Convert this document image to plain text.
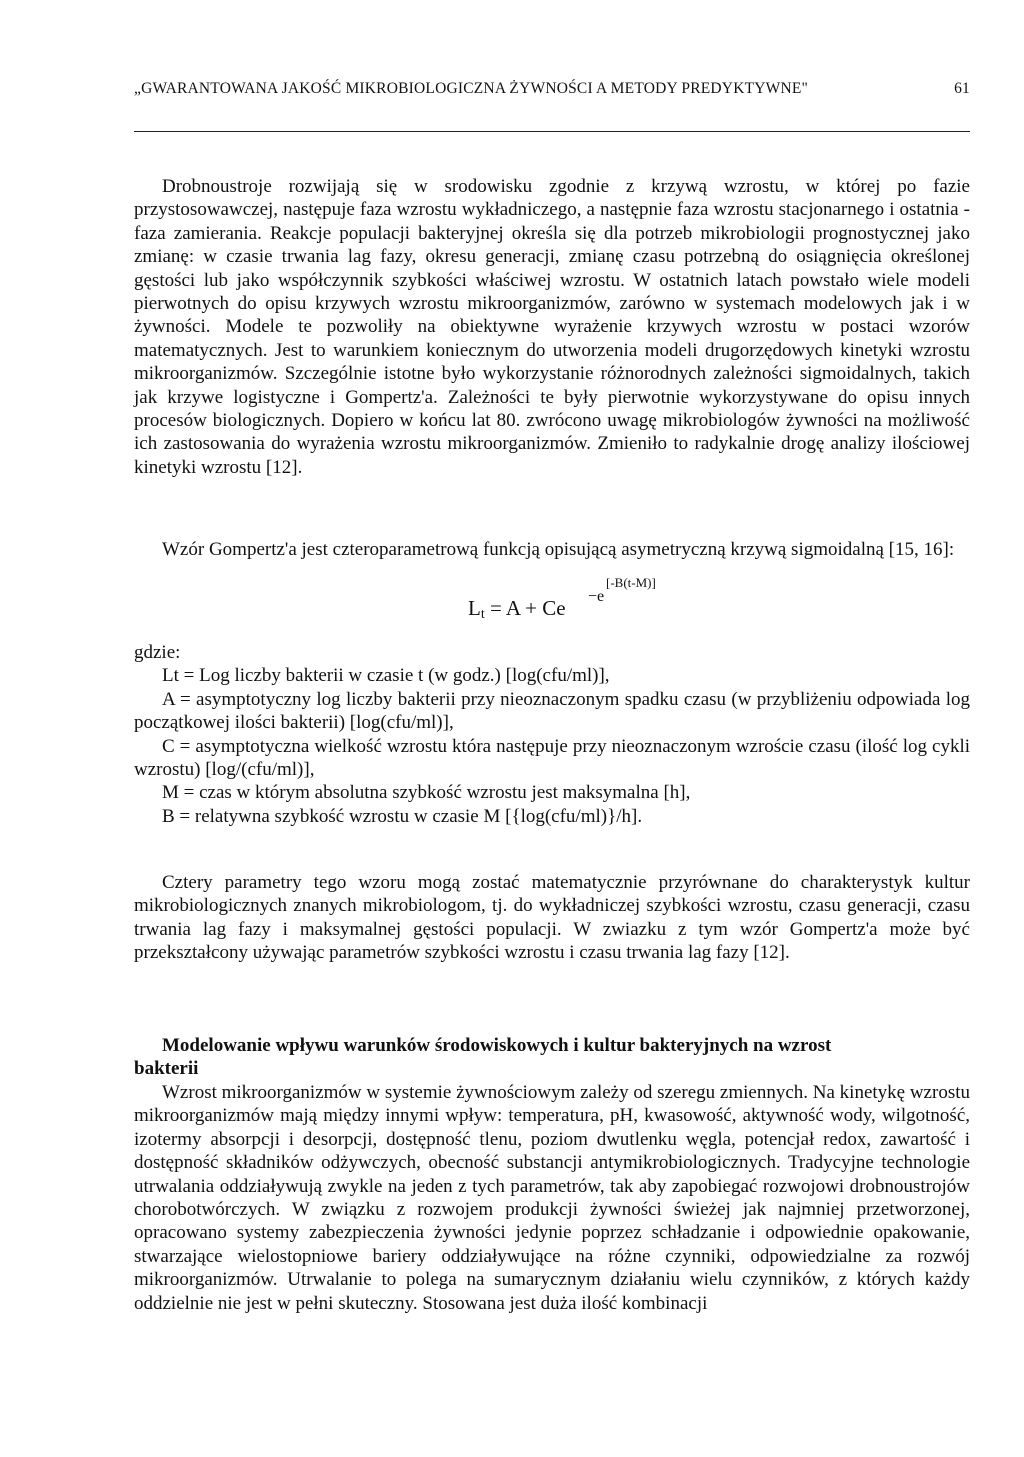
„GWARANTOWANA JAKOŚĆ MIKROBIOLOGICZNA ŻYWNOŚCI A METODY PREDYKTYWNE"	61

Drobnoustroje rozwijają się w srodowisku zgodnie z krzywą wzrostu, w której po fazie przystosowawczej, następuje faza wzrostu wykładniczego, a następnie faza wzrostu stacjonarnego i ostatnia - faza zamierania. Reakcje populacji bakteryjnej określa się dla potrzeb mikrobiologii prognostycznej jako zmianę: w czasie trwania lag fazy, okresu generacji, zmianę czasu potrzebną do osiągnięcia określonej gęstości lub jako współczynnik szybkości właściwej wzrostu. W ostatnich latach powstało wiele modeli pierwotnych do opisu krzywych wzrostu mikroorganizmów, zarówno w systemach modelowych jak i w żywności. Modele te pozwoliły na obiektywne wyrażenie krzywych wzrostu w postaci wzorów matematycznych. Jest to warunkiem koniecznym do utworzenia modeli drugorzędowych kinetyki wzrostu mikroorganizmów. Szczególnie istotne było wykorzystanie różnorodnych zależności sigmoidalnych, takich jak krzywe logistyczne i Gompertz'a. Zależności te były pierwotnie wykorzystywane do opisu innych procesów biologicznych. Dopiero w końcu lat 80. zwrócono uwagę mikrobiologów żywności na możliwość ich zastosowania do wyrażenia wzrostu mikroorganizmów. Zmieniło to radykalnie drogę analizy ilościowej kinetyki wzrostu [12].

Wzór Gompertz'a jest czteroparametrową funkcją opisującą asymetryczną krzywą sigmoidalną [15, 16]:

$L_t = A + Ce -e$
[-B(t-M)]

gdzie:

Lt = Log liczby bakterii w czasie t (w godz.) [log(cfu/ml)],

A = asymptotyczny log liczby bakterii przy nieoznaczonym spadku czasu (w przybliżeniu odpowiada log początkowej ilości bakterii) [log(cfu/ml)],

C = asymptotyczna wielkość wzrostu która następuje przy nieoznaczonym wzroście czasu (ilość log cykli wzrostu) [log/(cfu/ml)],

M = czas w którym absolutna szybkość wzrostu jest maksymalna [h],

B = relatywna szybkość wzrostu w czasie M [{log(cfu/ml)}/h].

Cztery parametry tego wzoru mogą zostać matematycznie przyrównane do charakterystyk kultur mikrobiologicznych znanych mikrobiologom, tj. do wykładniczej szybkości wzrostu, czasu generacji, czasu trwania lag fazy i maksymalnej gęstości populacji. W zwiazku z tym wzór Gompertz'a może być przekształcony używając parametrów szybkości wzrostu i czasu trwania lag fazy [12].

Modelowanie wpływu warunków środowiskowych i kultur bakteryjnych na wzrost
bakterii

Wzrost mikroorganizmów w systemie żywnościowym zależy od szeregu zmiennych. Na kinetykę wzrostu mikroorganizmów mają między innymi wpływ: temperatura, pH, kwasowość, aktywność wody, wilgotność, izotermy absorpcji i desorpcji, dostępność tlenu, poziom dwutlenku węgla, potencjał redox, zawartość i dostępność składników odżywczych, obecność substancji antymikrobiologicznych. Tradycyjne technologie utrwalania oddziaływują zwykle na jeden z tych parametrów, tak aby zapobiegać rozwojowi drobnoustrojów chorobotwórczych. W związku z rozwojem produkcji żywności świeżej jak najmniej przetworzonej, opracowano systemy zabezpieczenia żywności jedynie poprzez schładzanie i odpowiednie opakowanie, stwarzające wielostopniowe bariery oddziaływujące na różne czynniki, odpowiedzialne za rozwój mikroorganizmów. Utrwalanie to polega na sumarycznym działaniu wielu czynników, z których każdy oddzielnie nie jest w pełni skuteczny. Stosowana jest duża ilość kombinacji
